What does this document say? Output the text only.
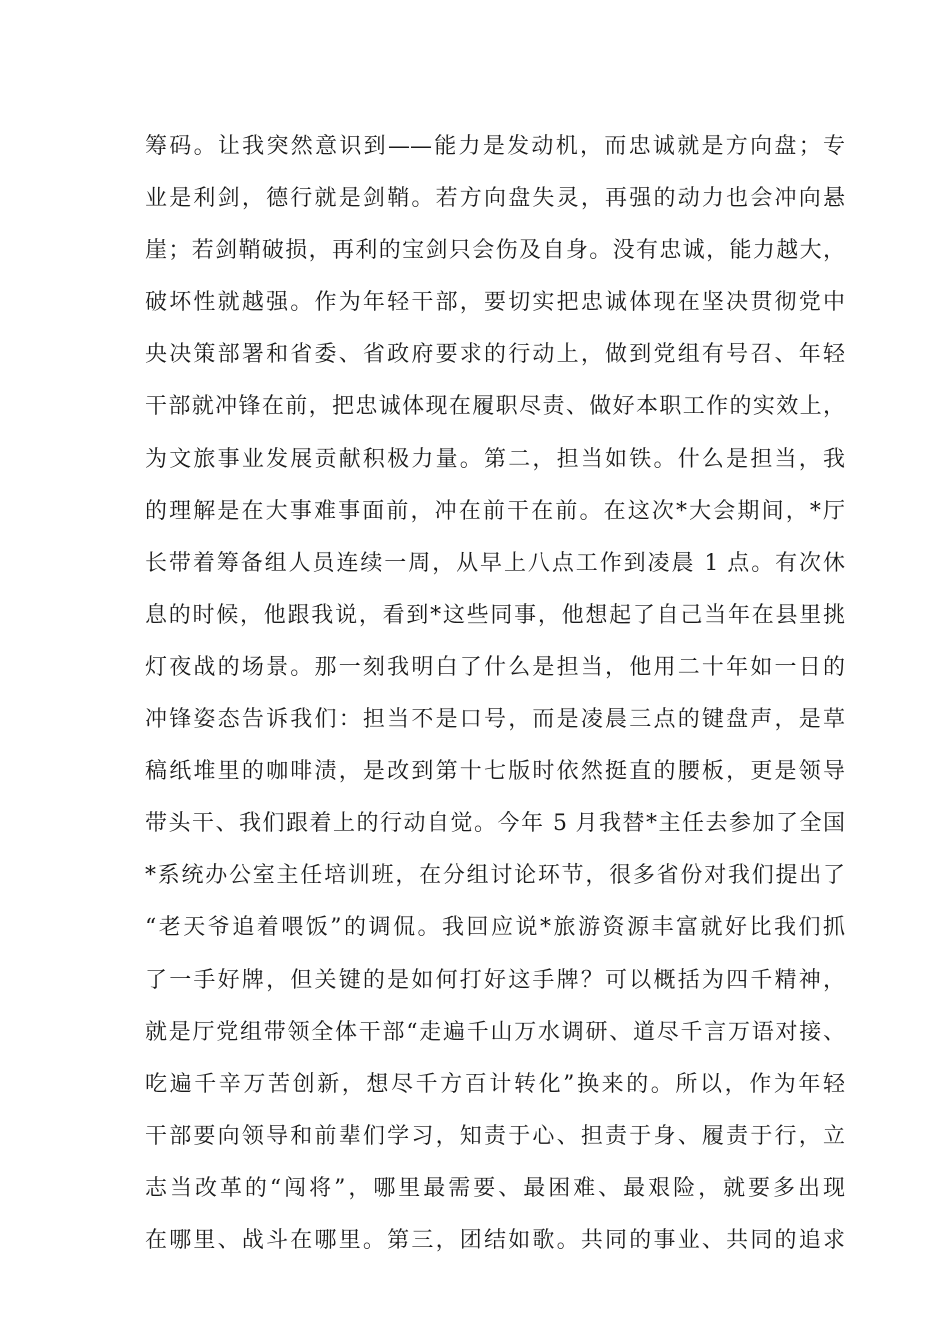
筹码。让我突然意识到——能力是发动机，而忠诚就是方向盘；专
业是利剑，德行就是剑鞘。若方向盘失灵，再强的动力也会冲向悬
崖；若剑鞘破损，再利的宝剑只会伤及自身。没有忠诚，能力越大，
破坏性就越强。作为年轻干部，要切实把忠诚体现在坚决贯彻党中
央决策部署和省委、省政府要求的行动上，做到党组有号召、年轻
干部就冲锋在前，把忠诚体现在履职尽责、做好本职工作的实效上，
为文旅事业发展贡献积极力量。第二，担当如铁。什么是担当，我
的理解是在大事难事面前，冲在前干在前。在这次*大会期间，*厅
长带着筹备组人员连续一周，从早上八点工作到凌晨 1 点。有次休
息的时候，他跟我说，看到*这些同事，他想起了自己当年在县里挑
灯夜战的场景。那一刻我明白了什么是担当，他用二十年如一日的
冲锋姿态告诉我们：担当不是口号，而是凌晨三点的键盘声，是草
稿纸堆里的咖啡渍，是改到第十七版时依然挺直的腰板，更是领导
带头干、我们跟着上的行动自觉。今年 5 月我替*主任去参加了全国
*系统办公室主任培训班，在分组讨论环节，很多省份对我们提出了
“老天爷追着喂饭”的调侃。我回应说*旅游资源丰富就好比我们抓
了一手好牌，但关键的是如何打好这手牌？可以概括为四千精神，
就是厅党组带领全体干部“走遍千山万水调研、道尽千言万语对接、
吃遍千辛万苦创新，想尽千方百计转化”换来的。所以，作为年轻
干部要向领导和前辈们学习，知责于心、担责于身、履责于行，立
志当改革的“闯将”，哪里最需要、最困难、最艰险，就要多出现
在哪里、战斗在哪里。第三，团结如歌。共同的事业、共同的追求
